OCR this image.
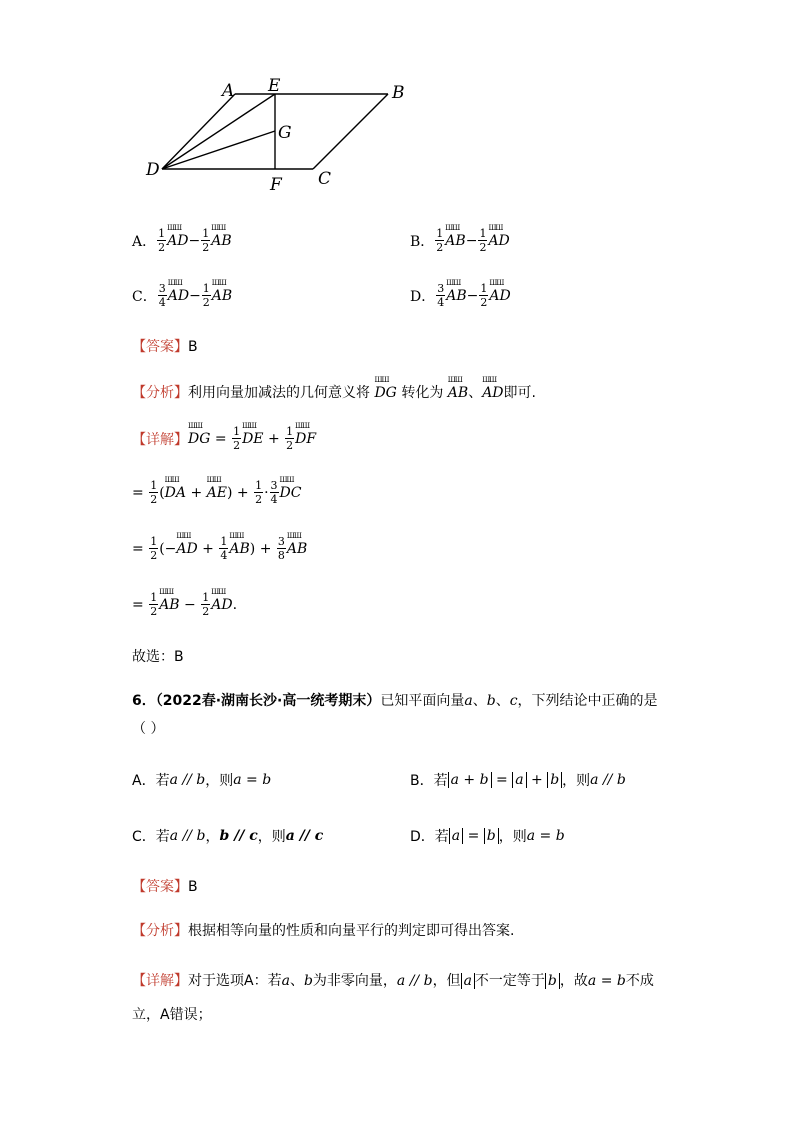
A E	B
G
D
F C
A． $\frac{1}{2}$ ШШ AD − $\frac{1}{2}$ ШШ AB	B． $\frac{1}{2}$ ШШ AB − $\frac{1}{2}$ ШШ AD
C． $\frac{3}{4}$ ШШ AD − $\frac{1}{2}$ ШШ AB	D． $\frac{3}{4}$ ШШ AB − $\frac{1}{2}$ ШШ AD
【答案】B
【分析】利用向量加减法的几何意义将 ШШ DG 转化为 ШШ AB、ШШ AD即可.
【详解】 ШШ DG = $\frac{1}{2}$ ШШ DE + $\frac{1}{2}$ ШШ DF
= $\frac{1}{2}$ ( ШШ DA + ШШ AE ) + $\frac{1}{2} \cdot \frac{3}{4}$ ШШ DC
= $\frac{1}{2}$ (− ШШ AD + $\frac{1}{4}$ ШШ AB ) + $\frac{3}{8}$ ШШ AB
= $\frac{1}{2}$ ШШ AB − $\frac{1}{2}$ ШШ AD .
故选：B
6．（2022春·湖南长沙·高一统考期末）已知平面向量a、b、c，下列结论中正确的是
（ ）
A． 若 a // b ，则 a = b	B． 若 a + b = a + b ，则 a // b
C． 若 a // b ， b // c ，则 a // c	D． 若 a = b ，则 a = b
【答案】B
【分析】根据相等向量的性质和向量平行的判定即可得出答案.
【详解】对于选项A：若a、b为非零向量，a // b，但 a 不一定等于 b ，故a = b不成
立，A错误；
